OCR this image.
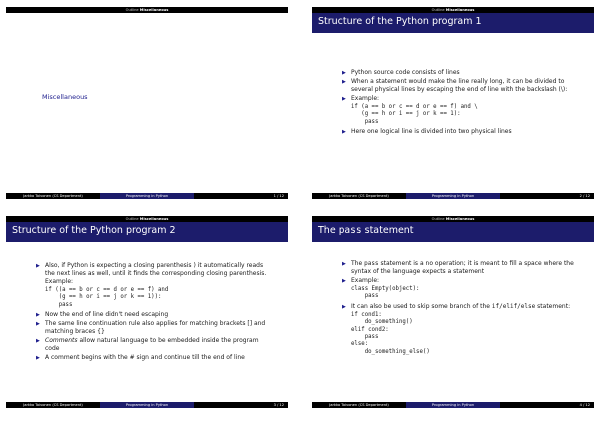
Outline Miscellaneous
Miscellaneous
Jarkko Toivonen (CS Department)	Programming in Python	1 / 12
Outline Miscellaneous
Structure of the Python program 1
▶ Python source code consists of lines
▶ When a statement would make the line really long, it can be divided to several physical lines by escaping the end of line with the backslash (\):
▶ Example:
if (a == b or c == d or e == f) and \
(g == h or i == j or k == 1):
pass
▶ Here one logical line is divided into two physical lines
Jarkko Toivonen (CS Department)	Programming in Python	2 / 12
Outline Miscellaneous
Structure of the Python program 2
▶ Also, if Python is expecting a closing parenthesis ) it automatically reads the next lines as well, until it finds the corresponding closing parenthesis. Example:
if ((a == b or c == d or e == f) and
(g == h or i == j or k == 1)):
pass
▶ Now the end of line didn't need escaping
▶ The same line continuation rule also applies for matching brackets [] and matching braces {}
▶ Comments allow natural language to be embedded inside the program code
▶ A comment begins with the # sign and continue till the end of line
Jarkko Toivonen (CS Department)	Programming in Python	3 / 12
Outline Miscellaneous
The pass statement
▶ The pass statement is a no operation; it is meant to fill a space where the syntax of the language expects a statement
▶ Example:
class Empty(object):
pass
▶ It can also be used to skip some branch of the if/elif/else statement:
if cond1:
do_something()
elif cond2:
pass
else:
do_something_else()
Jarkko Toivonen (CS Department)	Programming in Python	4 / 12
